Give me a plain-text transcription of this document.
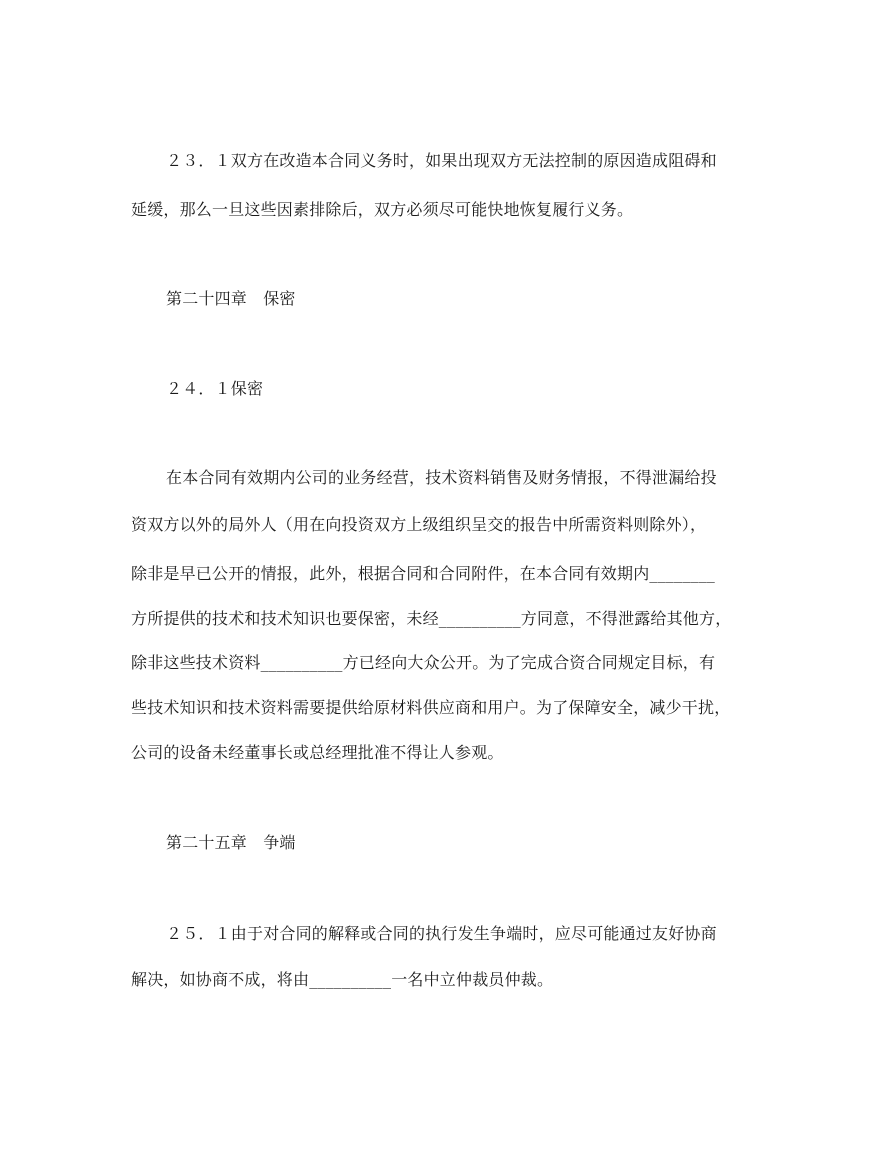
２３．１双方在改造本合同义务时，如果出现双方无法控制的原因造成阻碍和
延缓，那么一旦这些因素排除后，双方必须尽可能快地恢复履行义务。
第二十四章　保密
２４．１保密
在本合同有效期内公司的业务经营，技术资料销售及财务情报，不得泄漏给投
资双方以外的局外人（用在向投资双方上级组织呈交的报告中所需资料则除外），
除非是早已公开的情报，此外，根据合同和合同附件，在本合同有效期内________
方所提供的技术和技术知识也要保密，未经__________方同意，不得泄露给其他方，
除非这些技术资料__________方已经向大众公开。为了完成合资合同规定目标，有
些技术知识和技术资料需要提供给原材料供应商和用户。为了保障安全，减少干扰，
公司的设备未经董事长或总经理批准不得让人参观。
第二十五章　争端
２５．１由于对合同的解释或合同的执行发生争端时，应尽可能通过友好协商
解决，如协商不成，将由__________一名中立仲裁员仲裁。
